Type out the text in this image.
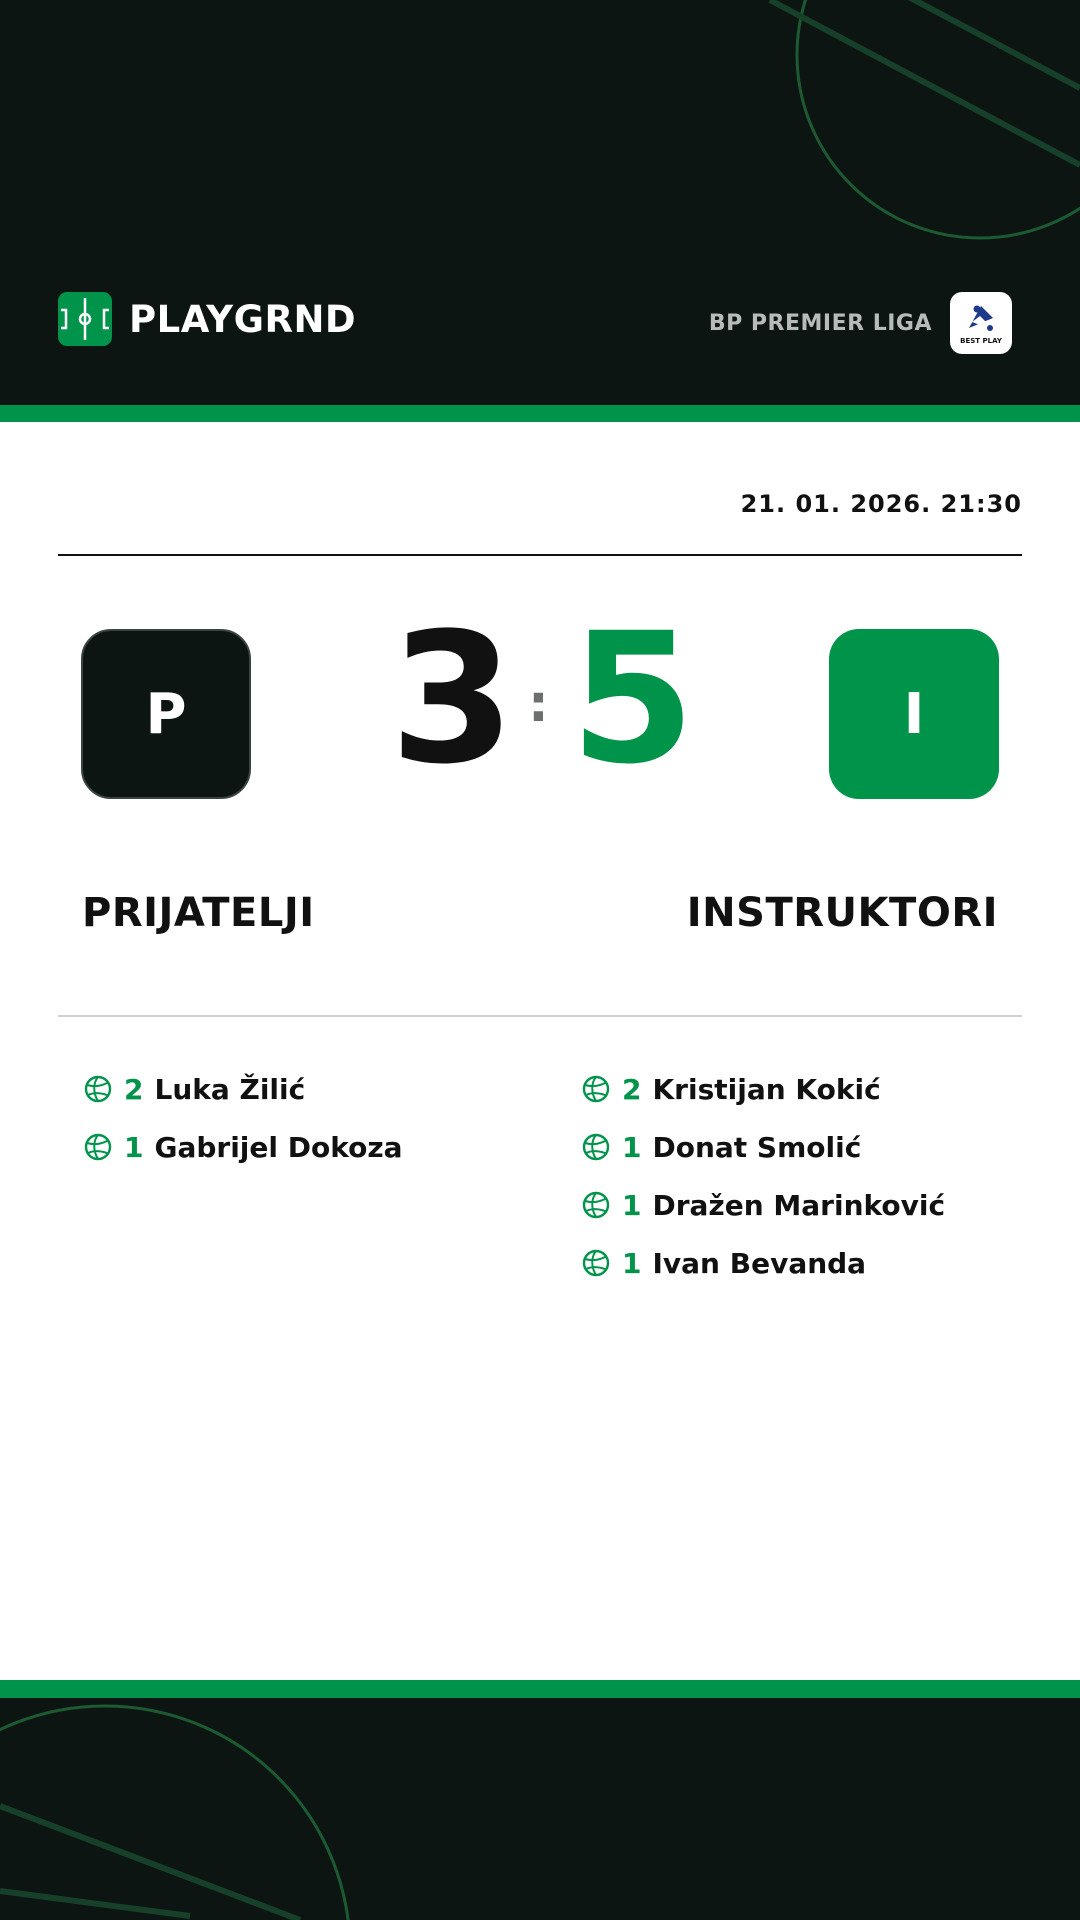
PLAYGRND	BP PREMIER LIGA
BEST PLAY
21. 01. 2026. 21:30
P	3 : 5	I
PRIJATELJI	INSTRUKTORI
2 Luka Žilić
1 Gabrijel Dokoza
2 Kristijan Kokić
1 Donat Smolić
1 Dražen Marinković
1 Ivan Bevanda
